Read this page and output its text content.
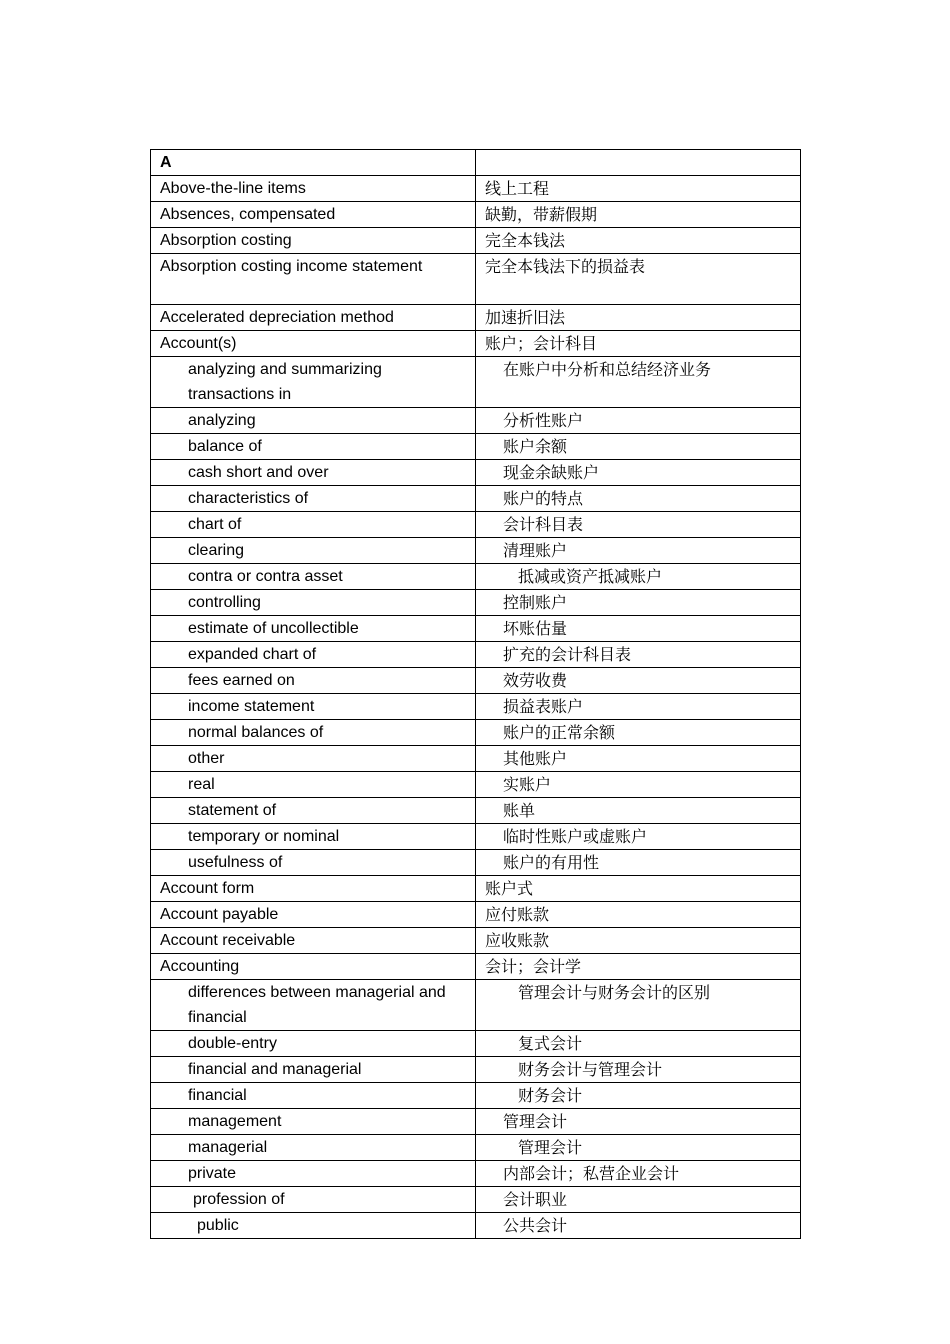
A	

Above-the-line items	线上工程

Absences, compensated	缺勤，带薪假期

Absorption costing	完全本钱法

Absorption costing income statement	完全本钱法下的损益表

Accelerated depreciation method	加速折旧法

Account(s)	账户；会计科目

analyzing and summarizing transactions in	在账户中分析和总结经济业务

analyzing	分析性账户

balance of	账户余额

cash short and over	现金余缺账户

characteristics of	账户的特点

chart of	会计科目表

clearing	清理账户

contra or contra asset	抵减或资产抵减账户

controlling	控制账户

estimate of uncollectible	坏账估量

expanded chart of	扩充的会计科目表

fees earned on	效劳收费

income statement	损益表账户

normal balances of	账户的正常余额

other	其他账户

real	实账户

statement of	账单

temporary or nominal	临时性账户或虚账户

usefulness of	账户的有用性

Account form	账户式

Account payable	应付账款

Account receivable	应收账款

Accounting	会计；会计学

differences between managerial and financial	管理会计与财务会计的区别

double-entry	复式会计

financial and managerial	财务会计与管理会计

financial	财务会计

management	管理会计

managerial	管理会计

private	内部会计；私营企业会计

profession of	会计职业

public	公共会计
